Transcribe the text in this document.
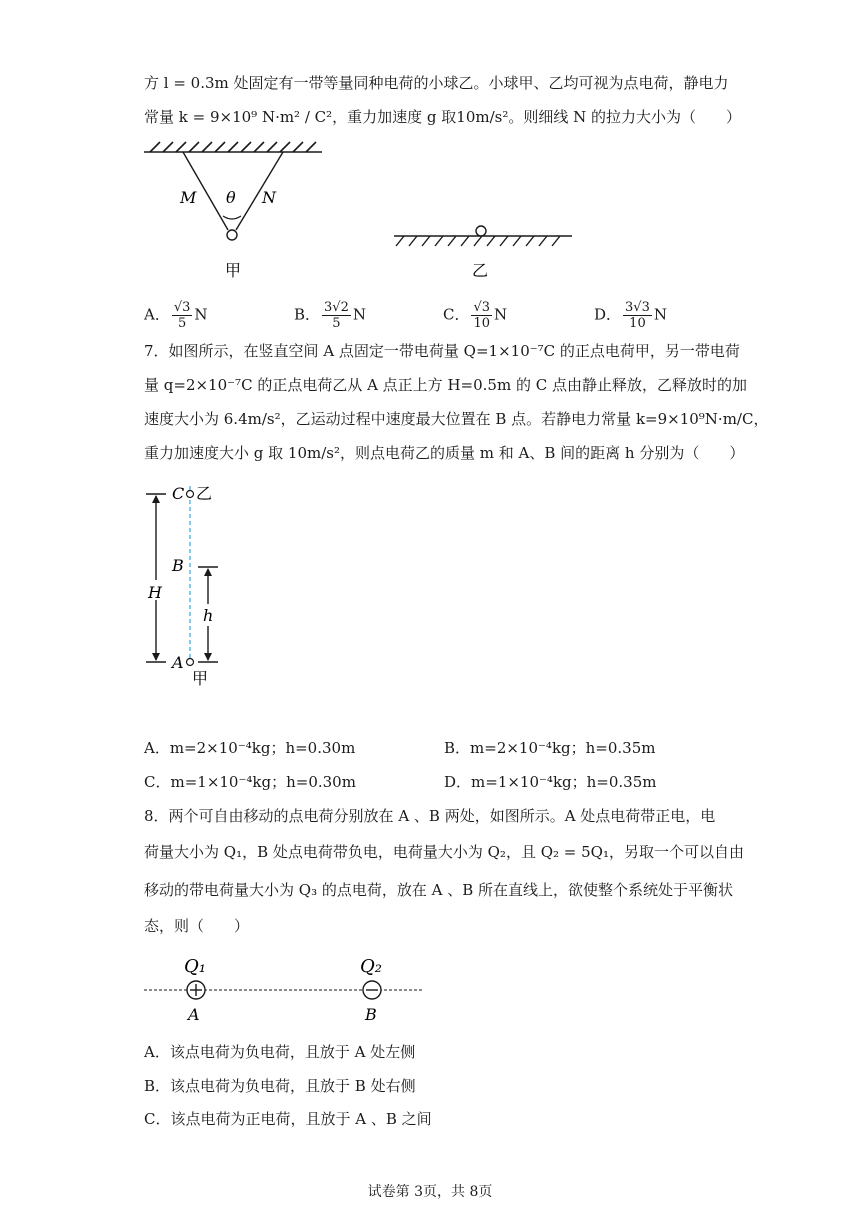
方 l = 0.3m 处固定有一带等量同种电荷的小球乙。小球甲、乙均可视为点电荷，静电力
常量 k = 9×10⁹ N·m² / C²，重力加速度 g 取10m/s²。则细线 N 的拉力大小为（　　）
M θ N
甲	乙
A． $\frac{√3}{5}$ N	B． $\frac{3√2}{5}$ N	C． $\frac{√3}{10}$ N	D． $\frac{3√3}{10}$ N
7．如图所示，在竖直空间 A 点固定一带电荷量 Q=1×10⁻⁷C 的正点电荷甲，另一带电荷
量 q=2×10⁻⁷C 的正点电荷乙从 A 点正上方 H=0.5m 的 C 点由静止释放，乙释放时的加
速度大小为 6.4m/s²，乙运动过程中速度最大位置在 B 点。若静电力常量 k=9×10⁹N·m/C，
重力加速度大小 g 取 10m/s²，则点电荷乙的质量 m 和 A、B 间的距离 h 分别为（　　）
H
h
C 乙
B
A
甲
A．m=2×10⁻⁴kg；h=0.30m	B．m=2×10⁻⁴kg；h=0.35m
C．m=1×10⁻⁴kg；h=0.30m	D．m=1×10⁻⁴kg；h=0.35m
8．两个可自由移动的点电荷分别放在 A 、B 两处，如图所示。A 处点电荷带正电，电
荷量大小为 Q₁，B 处点电荷带负电，电荷量大小为 Q₂，且 Q₂ = 5Q₁，另取一个可以自由
移动的带电荷量大小为 Q₃ 的点电荷，放在 A 、B 所在直线上，欲使整个系统处于平衡状
态，则（　　）
Q₁	Q₂
A	B
A．该点电荷为负电荷，且放于 A 处左侧
B．该点电荷为负电荷，且放于 B 处右侧
C．该点电荷为正电荷，且放于 A 、B 之间
试卷第 3页，共 8页
